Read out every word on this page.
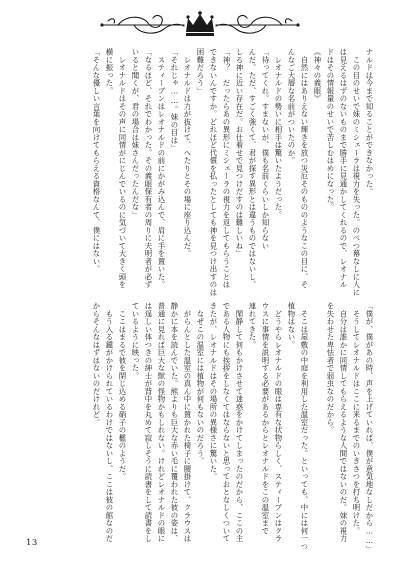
ナルドは今まで知ることができなかった。

　この目のせいで妹のミシェーラは視力を失った。のべつ幕なしに人に

は見えるはずのないものまで勝手に見通かしてくれるので、レオナル

ドはその情報量のせいで苦しむはめになった。

《神々の義眼》

　自然にはありえない輝きを放つ災厄そのもののようなこの目に、そ

んなご大層な名前がついたのか。

　レオナルドの勢いに相手は驚いたようだった。

「待ってくれ。すまないが、僕も名前くらいしか知らない

んだ。ただ、すごく強くて、君が探す異形とは違うものではないし、

しろ神に近い存在だ。お仕着せで見つけだすのは難しいね」

「神？　だったらあの異形にミシェーラの視力を返してもらうことは

できないんですか。どれほど代償を払ったとしても神を見つけ出すのは

困難だろう」

　レオナルドは力が抜けて、へたりとその場に座り込んだ。

「それじゃ……。妹の目は」

　スティーブンはレオナルドの前にかがみ込んで、肩に手を置いた。

「なるほど、それでわかった。その義眼保有者の周りに夫明者が必ず

いると聞くが、君の場合は妹さんだったんだな」

　レオナルドはその声に同情がにじんでいるのに気づいて大きく頭を

横に振った。

「そんな優しい言葉を向けてもらえる資格なんて、僕にはない。

「僕が、僕があの時、声を上げていれば、僕が意気地なしだから……」

　そうしてレオナルドはここに来るまでのいきさつを打ち明けた。

　自分は誰かに同情してもらえるような人間ではないのだ。妹の視力

を失わせた卑怯者で弱虫なのだから。

　そこは屋敷の中庭を利用した温室だった。といっても、中には何一つ

植物はない。

　どうやらレオナルドの眼は専有な状物らしく、スティーブンはクラ

ウスに事情を説明する必要があるからとレオナルドをこの温室まで

連れてきた。

　閑静して何もかけさせて迷惑をかけてしまったのだから、ここの主

である人物にも挨拶をしなくてはならないと思っておとなしくついて

きたが、レオナルドはその場所の異様さに驚いた。

　なぜこの温室には植物が何もないのだろう。

　がらんとした温室の真ん中に置かれた椅子に腰掛けて、クラウスは

静かに本を読んでいた。熊よりも巨大な赤い毛に覆われた彼の姿は、

普通に見れば巨大な獣の怪物かもしれない。けれどレオナルドの眼に

は逞しい体つきの紳士が背中を丸めて寂しそうに読書をして読書をし

ているように映った。

　ここはまるで彼を閉じ込める硝子の檻のようだ。

　もう入る鍵がかけられているわけではないし、ここは彼の館なのだ

からそんなはずはないのだけれど。

13
